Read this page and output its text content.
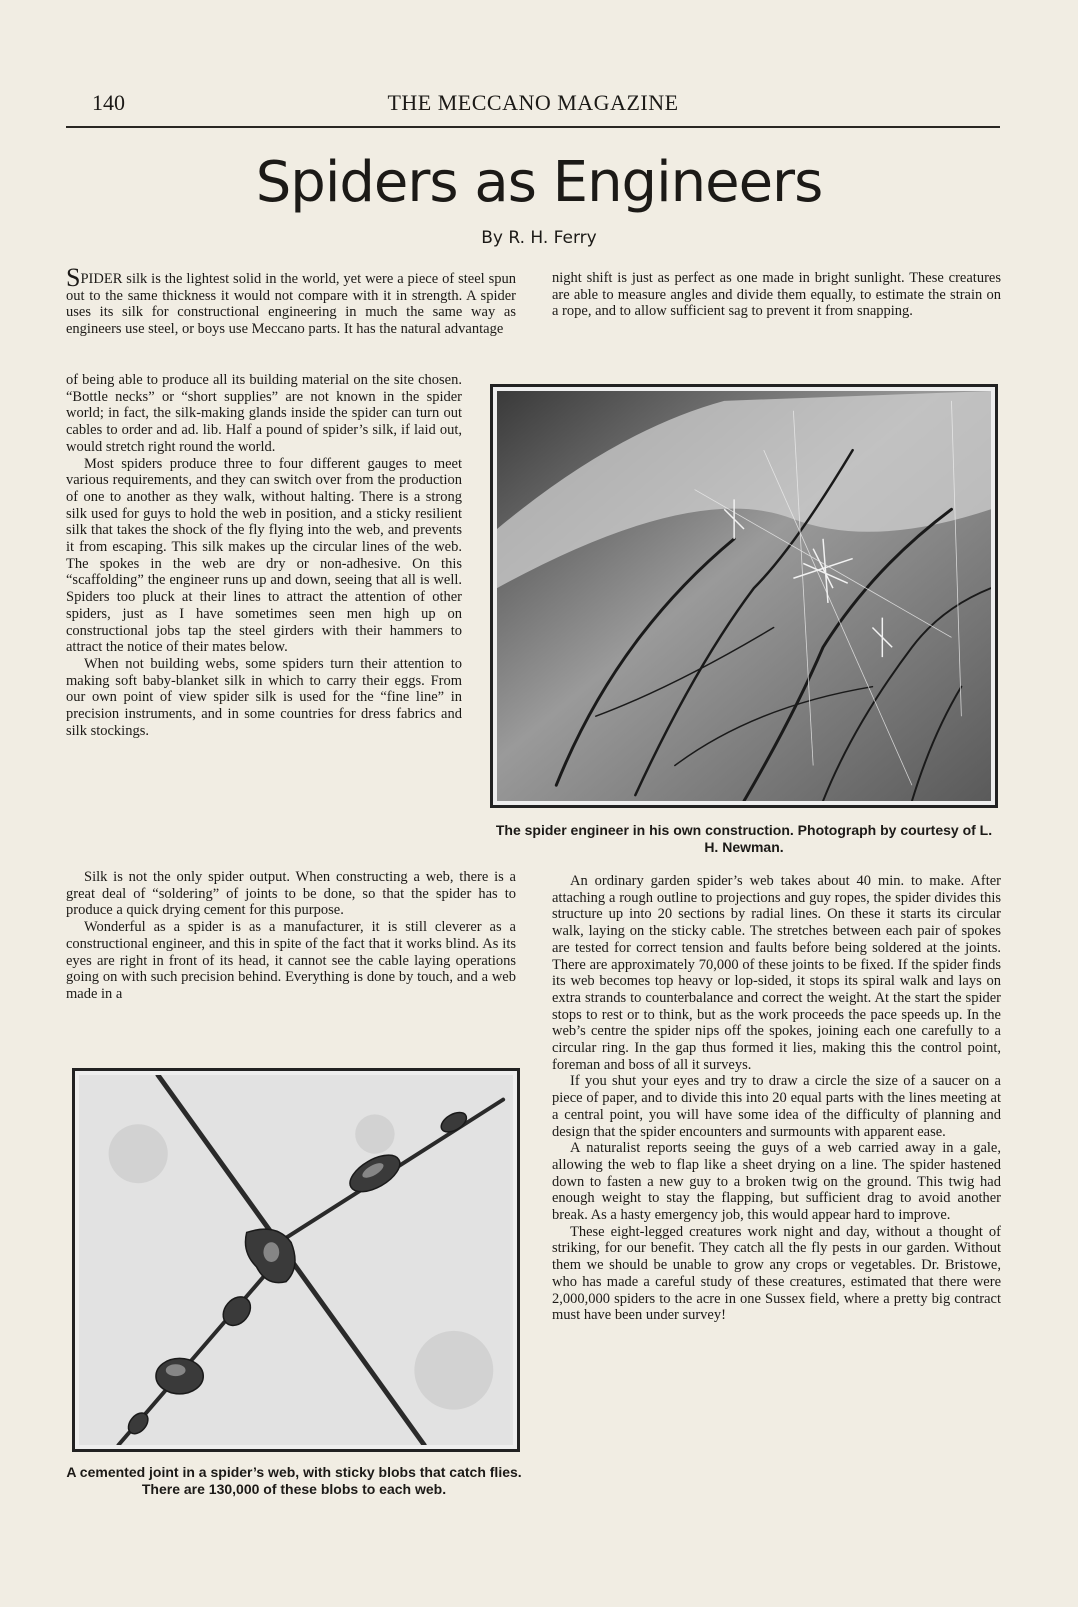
140	THE MECCANO MAGAZINE
Spiders as Engineers
By R. H. Ferry

SPIDER silk is the lightest solid in the world, yet were a piece of steel spun out to the same thickness it would not compare with it in strength. A spider uses its silk for constructional engineering in much the same way as engineers use steel, or boys use Meccano parts. It has the natural advantage

of being able to produce all its building material on the site chosen. “Bottle necks” or “short supplies” are not known in the spider world; in fact, the silk-making glands inside the spider can turn out cables to order and ad. lib. Half a pound of spider’s silk, if laid out, would stretch right round the world.

Most spiders produce three to four different gauges to meet various requirements, and they can switch over from the production of one to another as they walk, without halting. There is a strong silk used for guys to hold the web in position, and a sticky resilient silk that takes the shock of the fly flying into the web, and prevents it from escaping. This silk makes up the circular lines of the web. The spokes in the web are dry or non-adhesive. On this “scaffolding” the engineer runs up and down, seeing that all is well. Spiders too pluck at their lines to attract the attention of other spiders, just as I have sometimes seen men high up on constructional jobs tap the steel girders with their hammers to attract the notice of their mates below.

When not building webs, some spiders turn their attention to making soft baby-blanket silk in which to carry their eggs. From our own point of view spider silk is used for the “fine line” in precision instruments, and in some countries for dress fabrics and silk stockings.

Silk is not the only spider output. When constructing a web, there is a great deal of “soldering” of joints to be done, so that the spider has to produce a quick drying cement for this purpose.

Wonderful as a spider is as a manufacturer, it is still cleverer as a constructional engineer, and this in spite of the fact that it works blind. As its eyes are right in front of its head, it cannot see the cable laying operations going on with such precision behind. Everything is done by touch, and a web made in a

night shift is just as perfect as one made in bright sunlight. These creatures are able to measure angles and divide them equally, to estimate the strain on a rope, and to allow sufficient sag to prevent it from snapping.

The spider engineer in his own construction. Photograph by courtesy of L. H. Newman.

An ordinary garden spider’s web takes about 40 min. to make. After attaching a rough outline to projections and guy ropes, the spider divides this structure up into 20 sections by radial lines. On these it starts its circular walk, laying on the sticky cable. The stretches between each pair of spokes are tested for correct tension and faults before being soldered at the joints. There are approximately 70,000 of these joints to be fixed. If the spider finds its web becomes top heavy or lop-sided, it stops its spiral walk and lays on extra strands to counterbalance and correct the weight. At the start the spider stops to rest or to think, but as the work proceeds the pace speeds up. In the web’s centre the spider nips off the spokes, joining each one carefully to a circular ring. In the gap thus formed it lies, making this the control point, foreman and boss of all it surveys.

If you shut your eyes and try to draw a circle the size of a saucer on a piece of paper, and to divide this into 20 equal parts with the lines meeting at a central point, you will have some idea of the difficulty of planning and design that the spider encounters and surmounts with apparent ease.

A naturalist reports seeing the guys of a web carried away in a gale, allowing the web to flap like a sheet drying on a line. The spider hastened down to fasten a new guy to a broken twig on the ground. This twig had enough weight to stay the flapping, but sufficient drag to avoid another break. As a hasty emergency job, this would appear hard to improve.

These eight-legged creatures work night and day, without a thought of striking, for our benefit. They catch all the fly pests in our garden. Without them we should be unable to grow any crops or vegetables. Dr. Bristowe, who has made a careful study of these creatures, estimated that there were 2,000,000 spiders to the acre in one Sussex field, where a pretty big contract must have been under survey!

A cemented joint in a spider’s web, with sticky blobs that catch flies. There are 130,000 of these blobs to each web.
